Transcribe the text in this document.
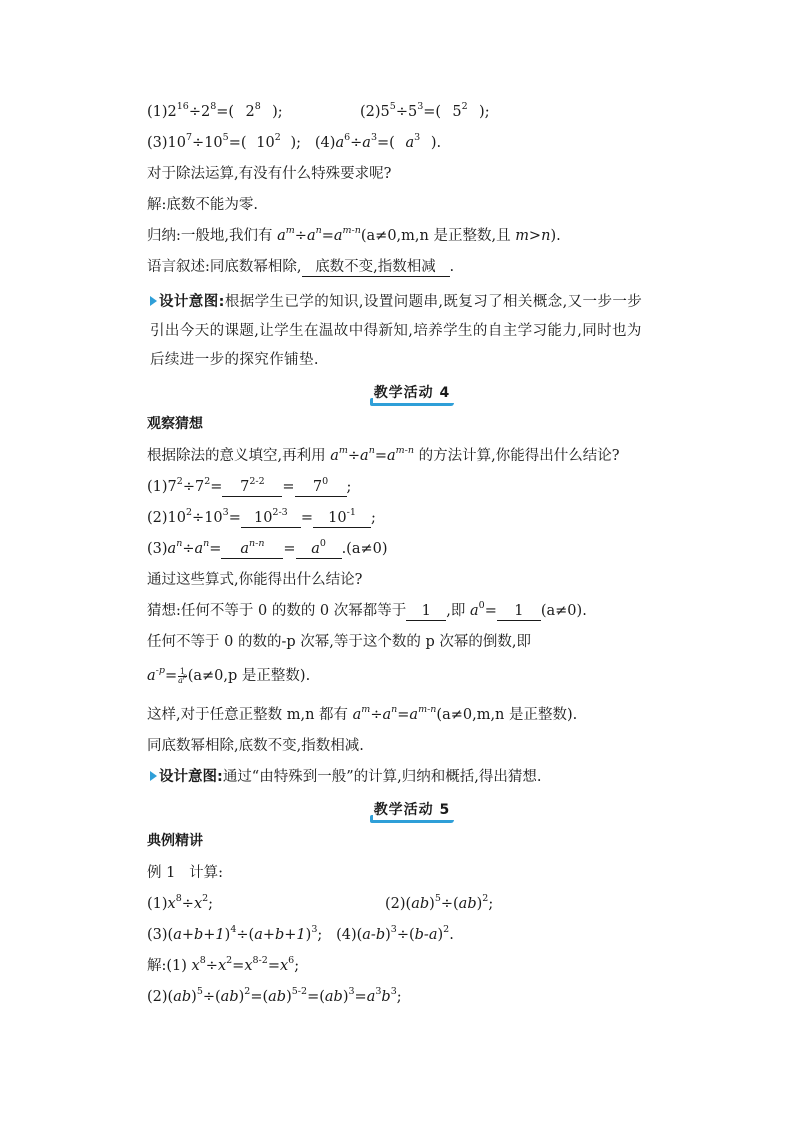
$(1)2^{16}\div 2^8=$( $2^8$ );	$(2)5^5\div 5^3=$( $5^2$ );
$(3)10^7\div 10^5=$( $10^2$ ); $(4)a^6\div a^3=$( $a^3$ ).
对于除法运算,有没有什么特殊要求呢?
解:底数不能为零.
归纳:一般地,我们有 $a^m\div a^n=a^{m-n}(a\ne 0,m,n$ 是正整数,且 m>n).
语言叙述:同底数幂相除, 底数不变,指数相减 .
设计意图:根据学生已学的知识,设置问题串,既复习了相关概念,又一步一步引出今天的课题,让学生在温故中得新知,培养学生的自主学习能力,同时也为后续进一步的探究作铺垫.
教学活动 4
观察猜想
根据除法的意义填空,再利用 $a^m\div a^n=a^{m-n}$ 的方法计算,你能得出什么结论?
$(1)7^2\div 7^2= 7^{2-2} = 7^0$ ;
$(2)10^2\div 10^3= 10^{2-3} = 10^{-1}$ ;
$(3)a^n\div a^n= a^{n-n} = a^0$ .(a≠0)
通过这些算式,你能得出什么结论?
猜想:任何不等于 0 的数的 0 次幂都等于 1 ,即 $a^0= 1$ (a≠0).
任何不等于 0 的数的-p 次幂,等于这个数的 p 次幂的倒数,即
$a^{-p}= \frac{1}{a^p} (a\ne 0,p$ 是正整数).
这样,对于任意正整数 m,n 都有 $a^m\div a^n=a^{m-n}(a\ne 0,m,n$ 是正整数).
同底数幂相除,底数不变,指数相减.
设计意图:通过“由特殊到一般”的计算,归纳和概括,得出猜想.
教学活动 5
典例精讲
例 1   计算:
$(1)x^8\div x^2$;	(2)(ab)$^5$÷(ab)$^2$;
$(3)(a+b+1)^4\div(a+b+1)^3$; $(4)(a-b)^3\div(b-a)^2$.
解:(1) $x^8\div x^2=x^{8-2}=x^6$;
$(2)(ab)^5\div(ab)^2=(ab)^{5-2}=(ab)^3=a^3b^3$;
